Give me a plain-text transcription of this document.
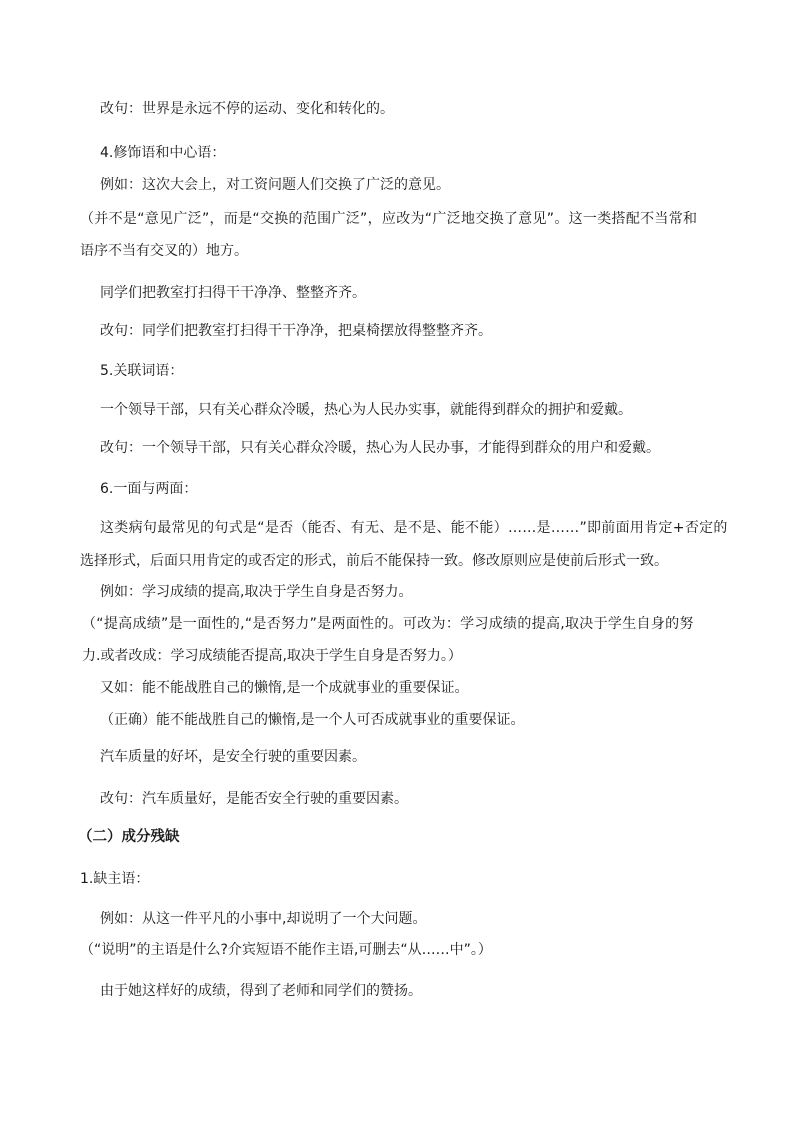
改句：世界是永远不停的运动、变化和转化的。
4.修饰语和中心语：
例如：这次大会上，对工资问题人们交换了广泛的意见。
（并不是“意见广泛”，而是“交换的范围广泛”，应改为“广泛地交换了意见”。这一类搭配不当常和
语序不当有交叉的）地方。
同学们把教室打扫得干干净净、整整齐齐。
改句：同学们把教室打扫得干干净净，把桌椅摆放得整整齐齐。
5.关联词语：
一个领导干部，只有关心群众冷暖，热心为人民办实事，就能得到群众的拥护和爱戴。
改句：一个领导干部，只有关心群众冷暖，热心为人民办事，才能得到群众的用户和爱戴。
6.一面与两面：
这类病句最常见的句式是“是否（能否、有无、是不是、能不能）……是……”即前面用肯定+否定的
选择形式，后面只用肯定的或否定的形式，前后不能保持一致。修改原则应是使前后形式一致。
例如：学习成绩的提高,取决于学生自身是否努力。
（“提高成绩”是一面性的,“是否努力”是两面性的。可改为：学习成绩的提高,取决于学生自身的努
力.或者改成：学习成绩能否提高,取决于学生自身是否努力。）
又如：能不能战胜自己的懒惰,是一个成就事业的重要保证。
（正确）能不能战胜自己的懒惰,是一个人可否成就事业的重要保证。
汽车质量的好坏，是安全行驶的重要因素。
改句：汽车质量好，是能否安全行驶的重要因素。
（二）成分残缺
1.缺主语：
例如：从这一件平凡的小事中,却说明了一个大问题。
（“说明”的主语是什么?介宾短语不能作主语,可删去“从……中”。）
由于她这样好的成绩，得到了老师和同学们的赞扬。
